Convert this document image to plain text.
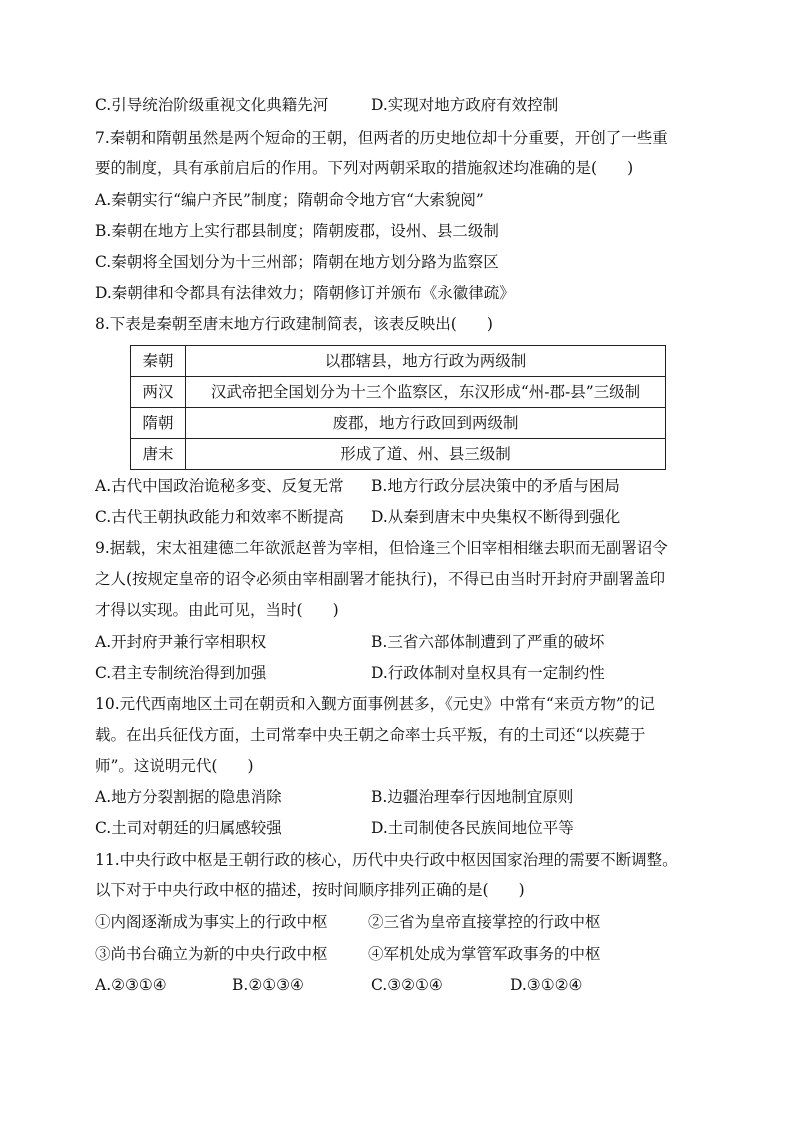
C.引导统治阶级重视文化典籍先河	D.实现对地方政府有效控制
7.秦朝和隋朝虽然是两个短命的王朝，但两者的历史地位却十分重要，开创了一些重
要的制度，具有承前启后的作用。下列对两朝采取的措施叙述均准确的是( )
A.秦朝实行“编户齐民”制度；隋朝命令地方官“大索貌阅”
B.秦朝在地方上实行郡县制度；隋朝废郡，设州、县二级制
C.秦朝将全国划分为十三州部；隋朝在地方划分路为监察区
D.秦朝律和令都具有法律效力；隋朝修订并颁布《永徽律疏》
8.下表是秦朝至唐末地方行政建制简表，该表反映出( )
秦朝	以郡辖县，地方行政为两级制
两汉	汉武帝把全国划分为十三个监察区，东汉形成“州-郡-县”三级制
隋朝	废郡，地方行政回到两级制
唐末	形成了道、州、县三级制
A.古代中国政治诡秘多变、反复无常 B.地方行政分层决策中的矛盾与困局
C.古代王朝执政能力和效率不断提高 D.从秦到唐末中央集权不断得到强化
9.据载，宋太祖建德二年欲派赵普为宰相，但恰逢三个旧宰相相继去职而无副署诏令
之人(按规定皇帝的诏令必须由宰相副署才能执行)，不得已由当时开封府尹副署盖印
才得以实现。由此可见，当时( )
A.开封府尹兼行宰相职权	B.三省六部体制遭到了严重的破坏
C.君主专制统治得到加强	D.行政体制对皇权具有一定制约性
10.元代西南地区土司在朝贡和入觐方面事例甚多，《元史》中常有“来贡方物”的记
载。在出兵征伐方面，土司常奉中央王朝之命率士兵平叛，有的土司还“以疾薨于
师”。这说明元代( )
A.地方分裂割据的隐患消除	B.边疆治理奉行因地制宜原则
C.土司对朝廷的归属感较强	D.土司制使各民族间地位平等
11.中央行政中枢是王朝行政的核心，历代中央行政中枢因国家治理的需要不断调整。
以下对于中央行政中枢的描述，按时间顺序排列正确的是( )
①内阁逐渐成为事实上的行政中枢	②三省为皇帝直接掌控的行政中枢
③尚书台确立为新的中央行政中枢	④军机处成为掌管军政事务的中枢
A.②③①④	B.②①③④	C.③②①④	D.③①②④
